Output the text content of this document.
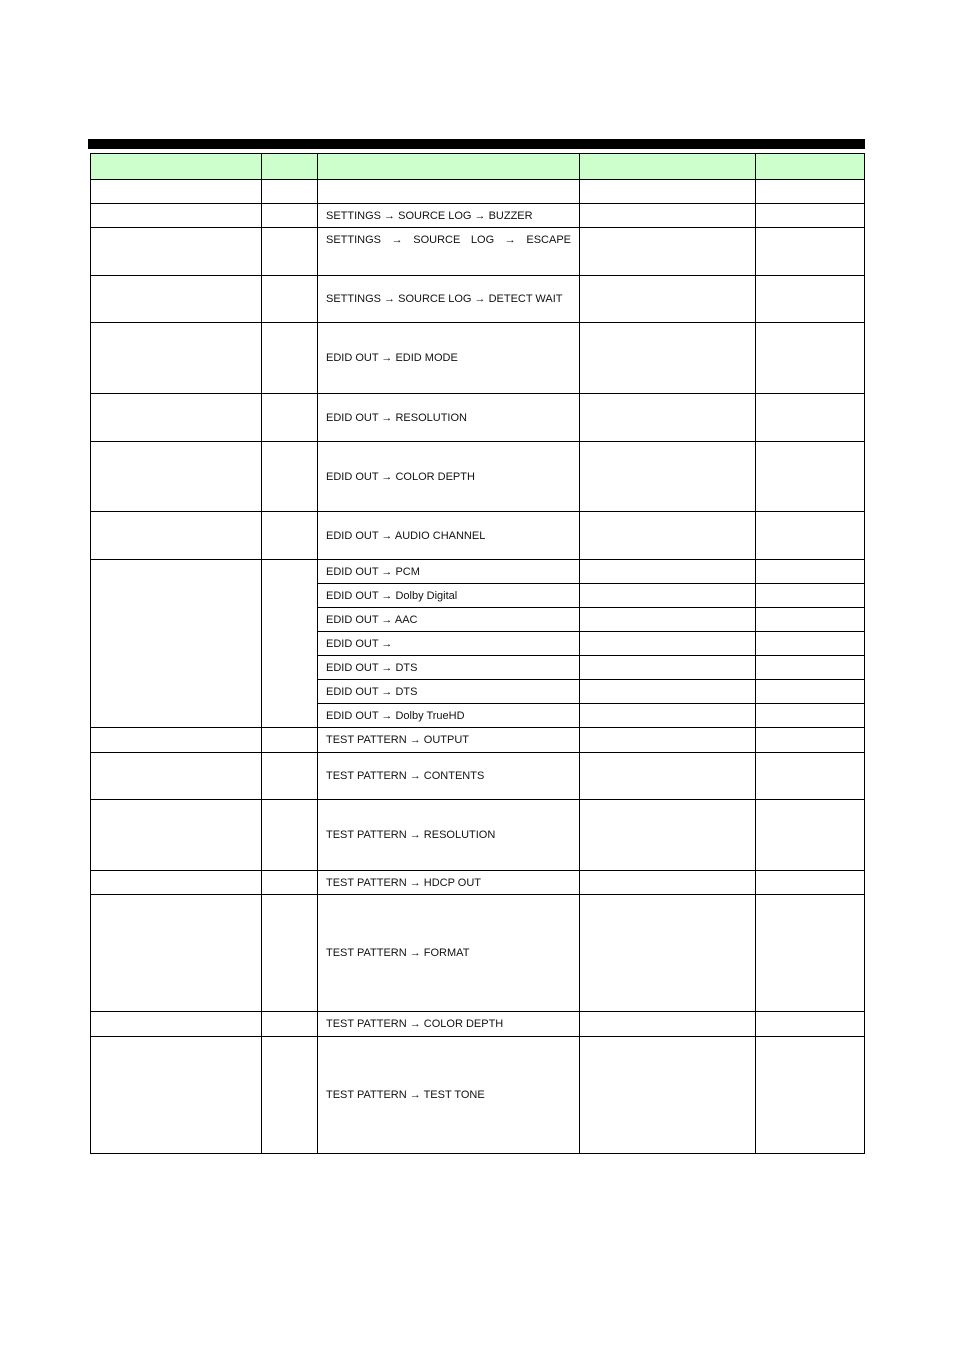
		SETTINGS → SOURCE LOG → BUZZER		
		SETTINGS → SOURCE LOG → ESCAPE		
		SETTINGS → SOURCE LOG → DETECT WAIT		
		EDID OUT → EDID MODE		
		EDID OUT → RESOLUTION		
		EDID OUT → COLOR DEPTH		
		EDID OUT → AUDIO CHANNEL		
		EDID OUT → PCM		
		EDID OUT → Dolby Digital		
		EDID OUT → AAC		
		EDID OUT →		
		EDID OUT → DTS		
		EDID OUT → DTS		
		EDID OUT → Dolby TrueHD		
		TEST PATTERN → OUTPUT		
		TEST PATTERN → CONTENTS		
		TEST PATTERN → RESOLUTION		
		TEST PATTERN → HDCP OUT		
		TEST PATTERN → FORMAT		
		TEST PATTERN → COLOR DEPTH		
		TEST PATTERN → TEST TONE		
